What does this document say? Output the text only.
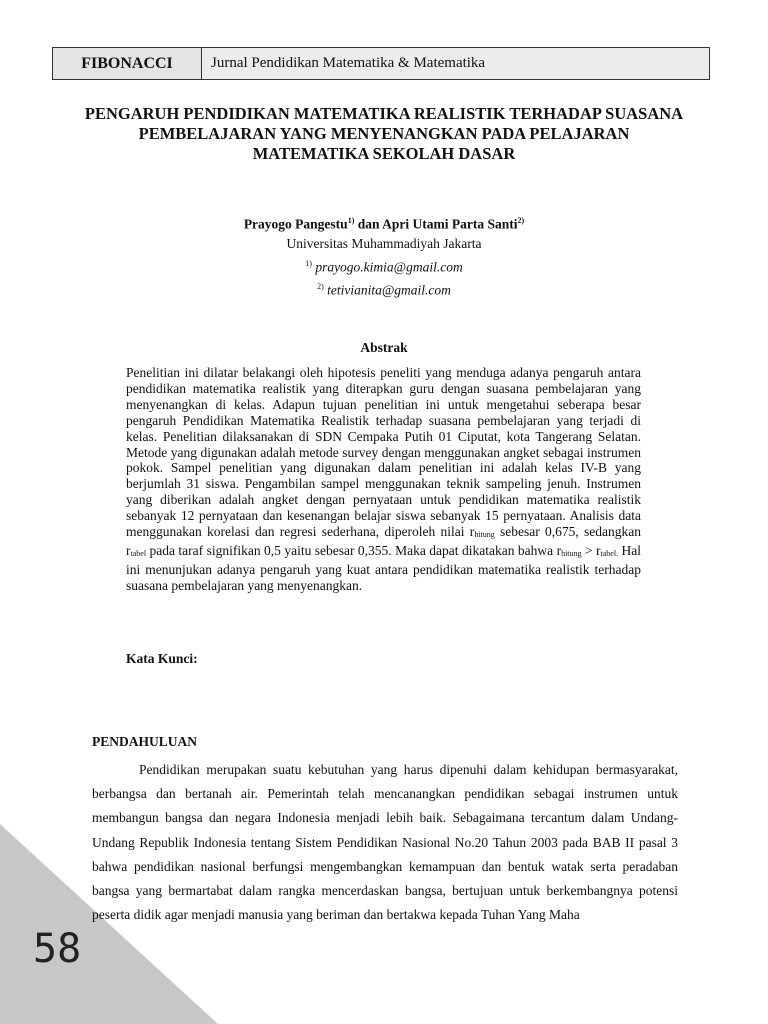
58
FIBONACCI	Jurnal Pendidikan Matematika & Matematika
PENGARUH PENDIDIKAN MATEMATIKA REALISTIK TERHADAP SUASANA PEMBELAJARAN YANG MENYENANGKAN PADA PELAJARAN MATEMATIKA SEKOLAH DASAR
Prayogo Pangestu$^{1)}$ dan Apri Utami Parta Santi$^{2)}$
Universitas Muhammadiyah Jakarta
$^{1)}$ prayogo.kimia@gmail.com
$^{2)}$ tetivianita@gmail.com
Abstrak

Penelitian ini dilatar belakangi oleh hipotesis peneliti yang menduga adanya pengaruh antara pendidikan matematika realistik yang diterapkan guru dengan suasana pembelajaran yang menyenangkan di kelas. Adapun tujuan penelitian ini untuk mengetahui seberapa besar pengaruh Pendidikan Matematika Realistik terhadap suasana pembelajaran yang terjadi di kelas. Penelitian dilaksanakan di SDN Cempaka Putih 01 Ciputat, kota Tangerang Selatan. Metode yang digunakan adalah metode survey dengan menggunakan angket sebagai instrumen pokok. Sampel penelitian yang digunakan dalam penelitian ini adalah kelas IV-B yang berjumlah 31 siswa. Pengambilan sampel menggunakan teknik sampeling jenuh. Instrumen yang diberikan adalah angket dengan pernyataan untuk pendidikan matematika realistik sebanyak 12 pernyataan dan kesenangan belajar siswa sebanyak 15 pernyataan. Analisis data menggunakan korelasi dan regresi sederhana, diperoleh nilai $r_{hitung}$ sebesar 0,675, sedangkan $r_{tabel}$ pada taraf signifikan 0,5 yaitu sebesar 0,355. Maka dapat dikatakan bahwa $r_{hitung} > r_{tabel.}$ Hal ini menunjukan adanya pengaruh yang kuat antara pendidikan matematika realistik terhadap suasana pembelajaran yang menyenangkan.

Kata Kunci:
PENDAHULUAN

Pendidikan merupakan suatu kebutuhan yang harus dipenuhi dalam kehidupan bermasyarakat, berbangsa dan bertanah air. Pemerintah telah mencanangkan pendidikan sebagai instrumen untuk membangun bangsa dan negara Indonesia menjadi lebih baik. Sebagaimana tercantum dalam Undang-Undang Republik Indonesia tentang Sistem Pendidikan Nasional No.20 Tahun 2003 pada BAB II pasal 3 bahwa pendidikan nasional berfungsi mengembangkan kemampuan dan bentuk watak serta peradaban bangsa yang bermartabat dalam rangka mencerdaskan bangsa, bertujuan untuk berkembangnya potensi peserta didik agar menjadi manusia yang beriman dan bertakwa kepada Tuhan Yang Maha
